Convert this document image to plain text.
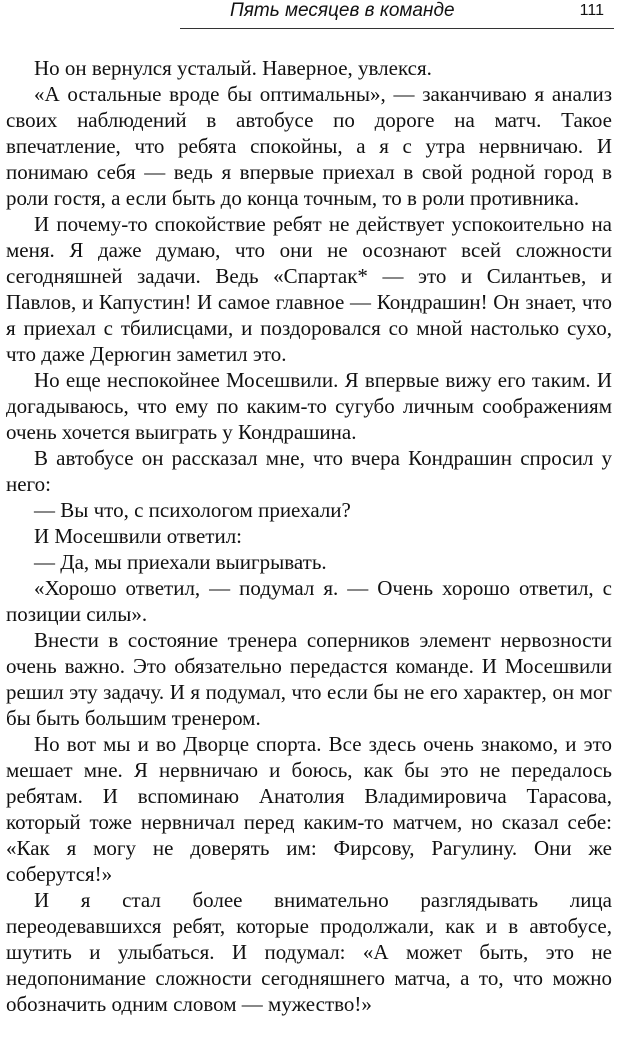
Пять месяцев в команде	111

Но он вернулся усталый. Наверное, увлекся.

«А остальные вроде бы оптимальны», — заканчиваю я анализ своих наблюдений в автобусе по дороге на матч. Такое впечатление, что ребята спокойны, а я с утра нервничаю. И понимаю себя — ведь я впервые приехал в свой родной город в роли гостя, а если быть до конца точным, то в роли противника.

И почему-то спокойствие ребят не действует успокоительно на меня. Я даже думаю, что они не осознают всей сложности сегодняшней задачи. Ведь «Спартак* — это и Силантьев, и Павлов, и Капустин! И самое главное — Кондрашин! Он знает, что я приехал с тбилисцами, и поздоровался со мной настолько сухо, что даже Дерюгин заметил это.

Но еще неспокойнее Мосешвили. Я впервые вижу его таким. И догадываюсь, что ему по каким-то сугубо личным соображениям очень хочется выиграть у Кондрашина.

В автобусе он рассказал мне, что вчера Кондрашин спросил у него:

— Вы что, с психологом приехали?

И Мосешвили ответил:

— Да, мы приехали выигрывать.

«Хорошо ответил, — подумал я. — Очень хорошо ответил, с позиции силы».

Внести в состояние тренера соперников элемент нервозности очень важно. Это обязательно передастся команде. И Мосешвили решил эту задачу. И я подумал, что если бы не его характер, он мог бы быть большим тренером.

Но вот мы и во Дворце спорта. Все здесь очень знакомо, и это мешает мне. Я нервничаю и боюсь, как бы это не передалось ребятам. И вспоминаю Анатолия Владимировича Тарасова, который тоже нервничал перед каким-то матчем, но сказал себе: «Как я могу не доверять им: Фирсову, Рагулину. Они же соберутся!»

И я стал более внимательно разглядывать лица переодевавшихся ребят, которые продолжали, как и в автобусе, шутить и улыбаться. И подумал: «А может быть, это не недопонимание сложности сегодняшнего матча, а то, что можно обозначить одним словом — мужество!»
